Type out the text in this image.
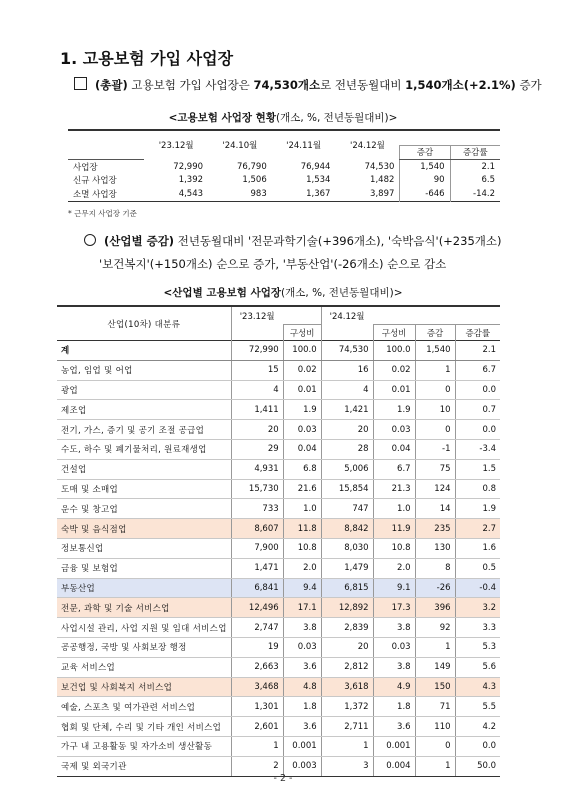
1. 고용보험 가입 사업장
(총괄) 고용보험 가입 사업장은 74,530개소로 전년동월대비 1,540개소(+2.1%) 증가
<고용보험 사업장 현황(개소, %, 전년동월대비)>
	'23.12월	'24.10월	'24.11월	'24.12월		
					증감	증감률
사업장	72,990	76,790	76,944	74,530	1,540	2.1
신규 사업장	1,392	1,506	1,534	1,482	90	6.5
소멸 사업장	4,543	983	1,367	3,897	-646	-14.2
* 근무지 사업장 기준
(산업별 증감) 전년동월대비 '전문과학기술(+396개소), '숙박음식'(+235개소)
'보건복지'(+150개소) 순으로 증가, '부동산업'(-26개소) 순으로 감소
<산업별 고용보험 사업장(개소, %, 전년동월대비)>
산업(10차) 대분류	'23.12월		'24.12월			
		구성비		구성비	증감	증감률
계	72,990	100.0	74,530	100.0	1,540	2.1
농업, 임업 및 어업	15	0.02	16	0.02	1	6.7
광업	4	0.01	4	0.01	0	0.0
제조업	1,411	1.9	1,421	1.9	10	0.7
전기, 가스, 증기 및 공기 조절 공급업	20	0.03	20	0.03	0	0.0
수도, 하수 및 폐기물처리, 원료재생업	29	0.04	28	0.04	-1	-3.4
건설업	4,931	6.8	5,006	6.7	75	1.5
도매 및 소매업	15,730	21.6	15,854	21.3	124	0.8
운수 및 창고업	733	1.0	747	1.0	14	1.9
숙박 및 음식점업	8,607	11.8	8,842	11.9	235	2.7
정보통신업	7,900	10.8	8,030	10.8	130	1.6
금융 및 보험업	1,471	2.0	1,479	2.0	8	0.5
부동산업	6,841	9.4	6,815	9.1	-26	-0.4
전문, 과학 및 기술 서비스업	12,496	17.1	12,892	17.3	396	3.2
사업시설 관리, 사업 지원 및 임대 서비스업	2,747	3.8	2,839	3.8	92	3.3
공공행정, 국방 및 사회보장 행정	19	0.03	20	0.03	1	5.3
교육 서비스업	2,663	3.6	2,812	3.8	149	5.6
보건업 및 사회복지 서비스업	3,468	4.8	3,618	4.9	150	4.3
예술, 스포츠 및 여가관련 서비스업	1,301	1.8	1,372	1.8	71	5.5
협회 및 단체, 수리 및 기타 개인 서비스업	2,601	3.6	2,711	3.6	110	4.2
가구 내 고용활동 및 자가소비 생산활동	1	0.001	1	0.001	0	0.0
국제 및 외국기관	2	0.003	3	0.004	1	50.0
- 2 -
